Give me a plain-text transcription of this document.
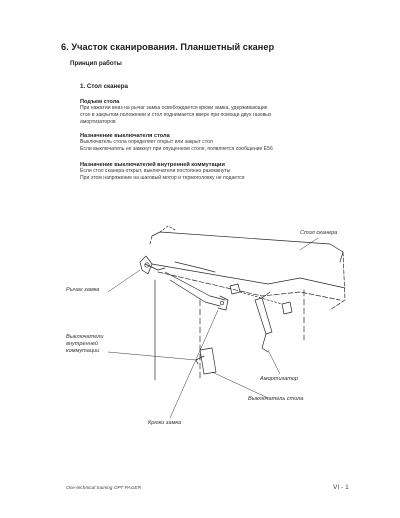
6. Участок сканирования. Планшетный сканер
Принцип работы
1. Стол сканера
Подъем стола
При нажатии вниз на рычаг замка освобождается крюки замка, удерживающие
стол в закрытом положении и стол поднимается вверх при помощи двух газовых
амортизаторов
Назначение выключателя стола
Выключатель стола определяет открыт или закрыт стол
Если выключатель не замкнут при опущенном столе, появляется сообщение E56
Назначение выключателей внутренней коммутации
Если стол сканера открыт, выключатели постоянно разомкнуты
При этом напряжение на шаговый мотор и термоголовку не подается
Стол сканера
Рычаг замка
Выключатели
внутренней
коммутации
Амортизатор
Выключатель стола
Крюки замка
Oce-technical training ОРТ PAGER	VI - 1
